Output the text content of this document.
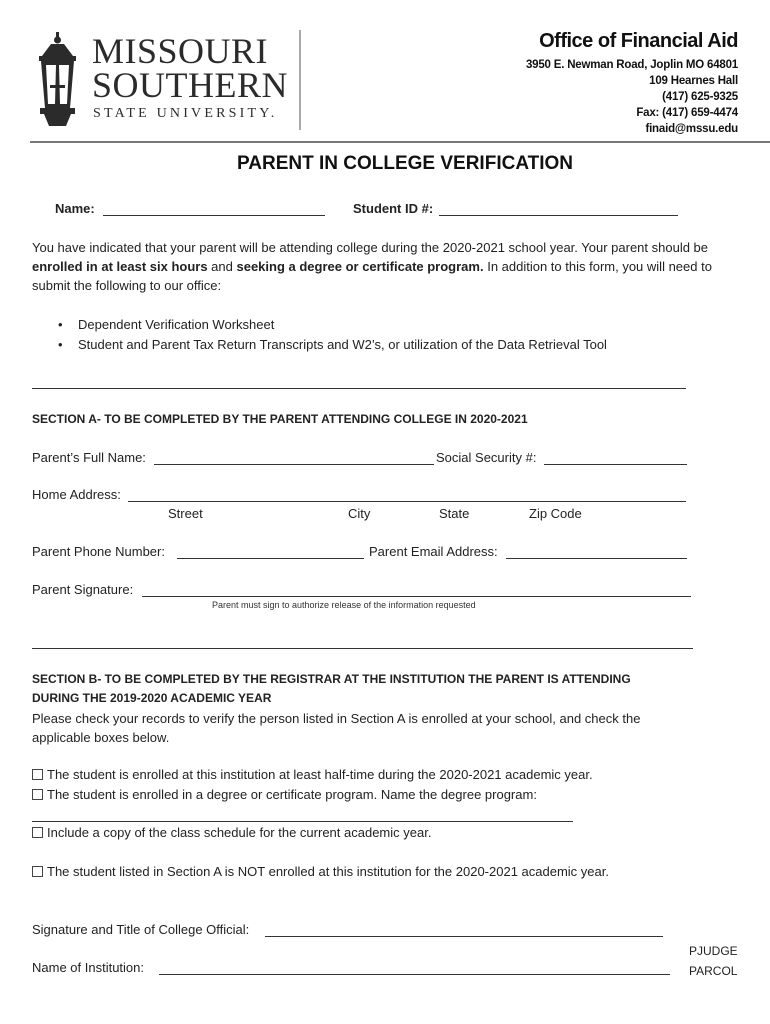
MISSOURI
SOUTHERN
STATE UNIVERSITY.
Office of Financial Aid
3950 E. Newman Road, Joplin MO 64801
109 Hearnes Hall
(417) 625-9325
Fax: (417) 659-4474
finaid@mssu.edu
PARENT IN COLLEGE VERIFICATION
Name:	Student ID #:
You have indicated that your parent will be attending college during the 2020-2021 school year. Your parent should be enrolled in at least six hours and seeking a degree or certificate program. In addition to this form, you will need to submit the following to our office:
• Dependent Verification Worksheet
• Student and Parent Tax Return Transcripts and W2’s, or utilization of the Data Retrieval Tool
SECTION A- TO BE COMPLETED BY THE PARENT ATTENDING COLLEGE IN 2020-2021
Parent’s Full Name:	Social Security #:
Home Address:
Street	City	State	Zip Code
Parent Phone Number:	Parent Email Address:
Parent Signature:
Parent must sign to authorize release of the information requested
SECTION B- TO BE COMPLETED BY THE REGISTRAR AT THE INSTITUTION THE PARENT IS ATTENDING
DURING THE 2019-2020 ACADEMIC YEAR
Please check your records to verify the person listed in Section A is enrolled at your school, and check the applicable boxes below.
The student is enrolled at this institution at least half-time during the 2020-2021 academic year.
The student is enrolled in a degree or certificate program. Name the degree program:
Include a copy of the class schedule for the current academic year.
The student listed in Section A is NOT enrolled at this institution for the 2020-2021 academic year.
Signature and Title of College Official:
Name of Institution:
PJUDGE
PARCOL
